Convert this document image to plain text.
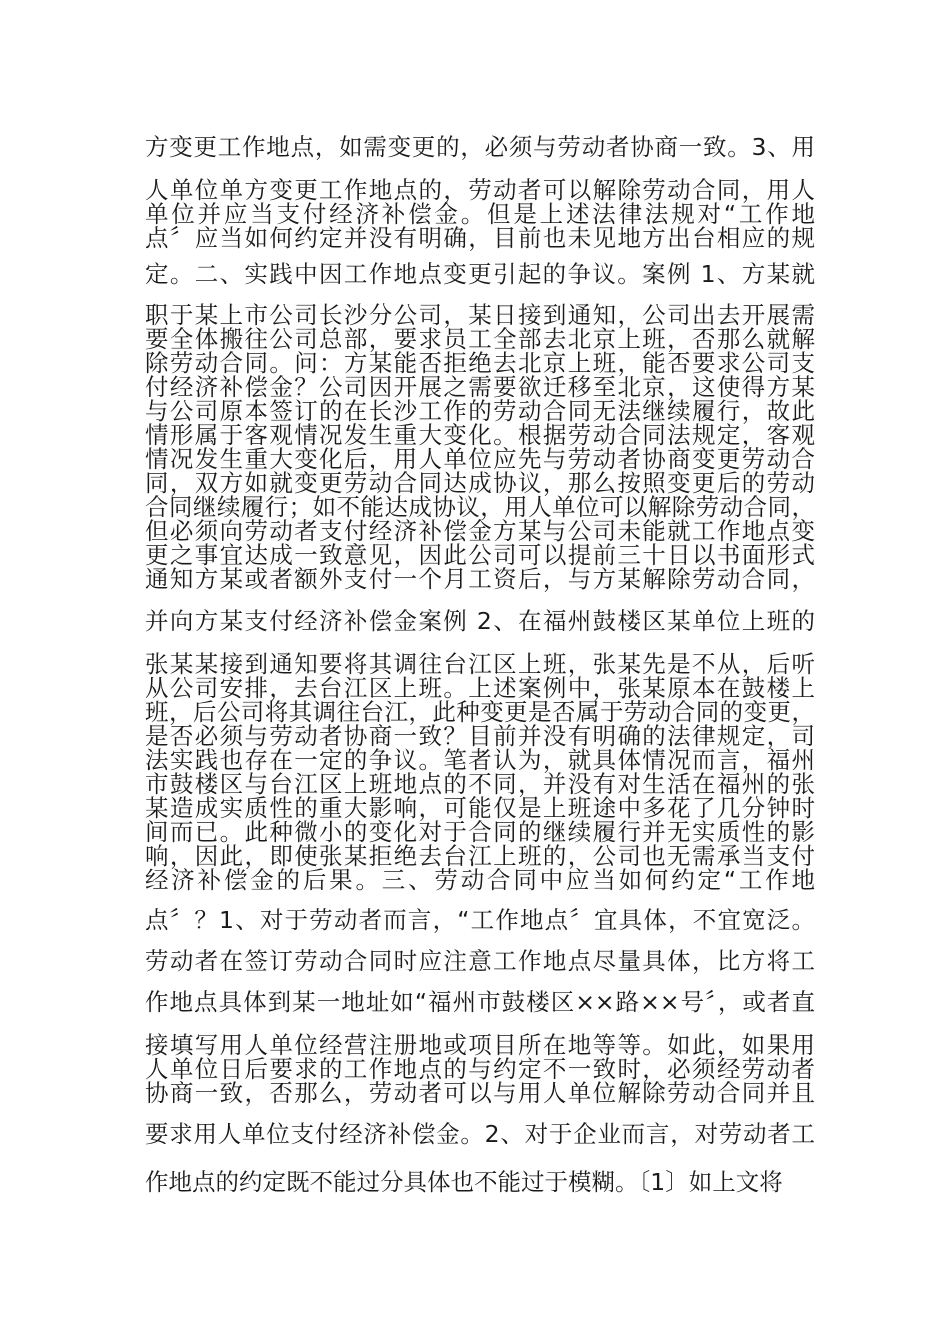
方变更工作地点，如需变更的，必须与劳动者协商一致。3、用
人单位单方变更工作地点的，劳动者可以解除劳动合同，用人
单位并应当支付经济补偿金。但是上述法律法规对“工作地
点〞应当如何约定并没有明确，目前也未见地方出台相应的规
定。二、实践中因工作地点变更引起的争议。案例 1、方某就
职于某上市公司长沙分公司，某日接到通知，公司出去开展需
要全体搬往公司总部，要求员工全部去北京上班，否那么就解
除劳动合同。问：方某能否拒绝去北京上班，能否要求公司支
付经济补偿金？公司因开展之需要欲迁移至北京，这使得方某
与公司原本签订的在长沙工作的劳动合同无法继续履行，故此
情形属于客观情况发生重大变化。根据劳动合同法规定，客观
情况发生重大变化后，用人单位应先与劳动者协商变更劳动合
同，双方如就变更劳动合同达成协议，那么按照变更后的劳动
合同继续履行；如不能达成协议，用人单位可以解除劳动合同，
但必须向劳动者支付经济补偿金方某与公司未能就工作地点变
更之事宜达成一致意见，因此公司可以提前三十日以书面形式
通知方某或者额外支付一个月工资后，与方某解除劳动合同，
并向方某支付经济补偿金案例 2、在福州鼓楼区某单位上班的
张某某接到通知要将其调往台江区上班，张某先是不从，后听
从公司安排，去台江区上班。上述案例中，张某原本在鼓楼上
班，后公司将其调往台江，此种变更是否属于劳动合同的变更，
是否必须与劳动者协商一致？目前并没有明确的法律规定，司
法实践也存在一定的争议。笔者认为，就具体情况而言，福州
市鼓楼区与台江区上班地点的不同，并没有对生活在福州的张
某造成实质性的重大影响，可能仅是上班途中多花了几分钟时
间而已。此种微小的变化对于合同的继续履行并无实质性的影
响，因此，即使张某拒绝去台江上班的，公司也无需承当支付
经济补偿金的后果。三、劳动合同中应当如何约定“工作地
点〞？1、对于劳动者而言，“工作地点〞宜具体，不宜宽泛。
劳动者在签订劳动合同时应注意工作地点尽量具体，比方将工
作地点具体到某一地址如“福州市鼓楼区××路××号〞，或者直
接填写用人单位经营注册地或项目所在地等等。如此，如果用
人单位日后要求的工作地点的与约定不一致时，必须经劳动者
协商一致，否那么，劳动者可以与用人单位解除劳动合同并且
要求用人单位支付经济补偿金。2、对于企业而言，对劳动者工
作地点的约定既不能过分具体也不能过于模糊。〔1〕如上文将
